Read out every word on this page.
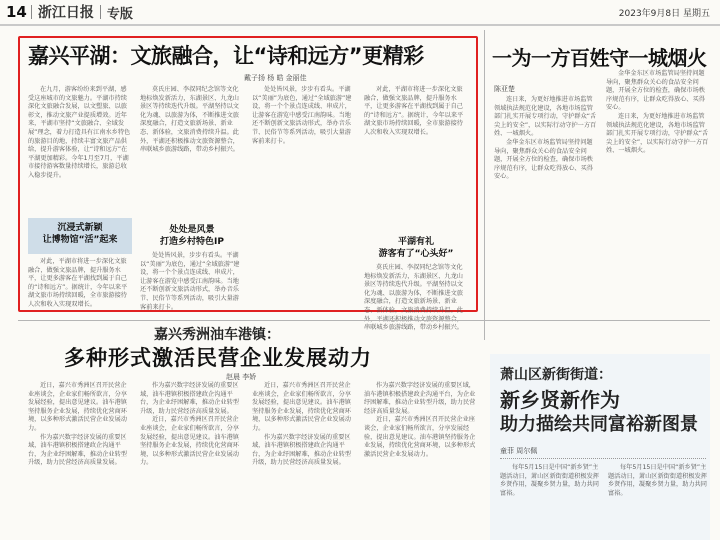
14 浙江日报 专版	2023年9月8日 星期五
嘉兴平湖：文旅融合，让“诗和远方”更精彩
戴子扬 杨 皓 金丽佳

在九月，游客纷纷来到平湖，感受这座城市的文旅魅力。平湖市持续深化文旅融合发展，以文塑旅、以旅彰文，推动文旅产业提质增效。近年来，平湖市坚持“文旅融合、全域发展”理念，着力打造具有江南水乡特色的旅游目的地，持续丰富文旅产品供给，提升游客体验，让“诗和远方”在平湖更加精彩。今年1月至7月，平湖市接待游客数量持续增长，旅游总收入稳步提升。

沉浸式新颖
让博物馆“活”起来

对此，平湖市将进一步深化文旅融合，做强文旅品牌，提升服务水平，让更多游客在平湖找到属于自己的“诗和远方”。据统计，今年以来平湖文旅市场持续回暖，全市旅游接待人次和收入实现双增长。

莫氏庄园、李叔同纪念馆等文化地标焕发新活力，东湖景区、九龙山景区等持续迭代升级。平湖坚持以文化为魂、以旅游为体，不断推进文旅深度融合，打造文旅新场景、新业态、新体验，文旅消费持续升温。此外，平湖还积极推动文旅资源整合，串联城乡旅游线路，带动乡村振兴。

处处是风景
打造乡村特色IP

处处皆风景，步步有看头。平湖以“美丽”为底色，通过“全域旅游”建设，将一个个景点连成线、串成片，让游客在游览中感受江南韵味。当地还不断创新文旅活动形式，举办音乐节、民俗节等系列活动，吸引大量游客前来打卡。

处处皆风景，步步有看头。平湖以“美丽”为底色，通过“全域旅游”建设，将一个个景点连成线、串成片，让游客在游览中感受江南韵味。当地还不断创新文旅活动形式，举办音乐节、民俗节等系列活动，吸引大量游客前来打卡。

对此，平湖市将进一步深化文旅融合，做强文旅品牌，提升服务水平，让更多游客在平湖找到属于自己的“诗和远方”。据统计，今年以来平湖文旅市场持续回暖，全市旅游接待人次和收入实现双增长。

平湖有礼
游客有了“心头好”

莫氏庄园、李叔同纪念馆等文化地标焕发新活力，东湖景区、九龙山景区等持续迭代升级。平湖坚持以文化为魂、以旅游为体，不断推进文旅深度融合，打造文旅新场景、新业态、新体验，文旅消费持续升温。此 串联城乡旅游线路，带动乡村振兴。

一为一方百姓守一城烟火
陈亚楚

连日来，为更好地推进市场监管领域执法规范化建设，各地市场监管部门扎实开展专项行动，守护群众“舌尖上的安全”，以实际行动守护一方百姓、一城烟火。

金华金东区市场监管局坚持问题导向，聚焦群众关心的食品安全问题，开展全方位的检查，确保市场秩序规范有序，让群众吃得放心、买得安心。

金华金东区市场监管局坚持问题导向，聚焦群众关心的食品安全问题，开展全方位的检查，确保市场秩序规范有序，让群众吃得放心、买得安心。

连日来，为更好地推进市场监管领域执法规范化建设，各地市场监管部门扎实开展专项行动，守护群众“舌尖上的安全”，以实际行动守护一方百姓、一城烟火。

嘉兴秀洲油车港镇：
多种形式激活民营企业发展动力
赵晨 李娇

近日，嘉兴市秀洲区召开民营企业座谈会，企业家们畅所欲言，分享发展经验，提出意见建议。油车港镇坚持服务企业发展，持续优化营商环境，以多种形式激活民营企业发展动力。

作为嘉兴数字经济发展的重要区域，油车港镇积极搭建政企沟通平台，为企业纾困解难，推动企业转型升级，助力民营经济高质量发展。

作为嘉兴数字经济发展的重要区域，油车港镇积极搭建政企沟通平台，为企业纾困解难，推动企业转型升级，助力民营经济高质量发展。

近日，嘉兴市秀洲区召开民营企业座谈会，企业家们畅所欲言，分享发展经验，提出意见建议。油车港镇坚持服务企业发展，持续优化营商环境，以多种形式激活民营企业发展动力。

近日，嘉兴市秀洲区召开民营企业座谈会，企业家们畅所欲言，分享发展经验，提出意见建议。油车港镇坚持服务企业发展，持续优化营商环境，以多种形式激活民营企业发展动力。

作为嘉兴数字经济发展的重要区域，油车港镇积极搭建政企沟通平台，为企业纾困解难，推动企业转型升级，助力民营经济高质量发展。

作为嘉兴数字经济发展的重要区域，油车港镇积极搭建政企沟通平台，为企业纾困解难，推动企业转型升级，助力民营经济高质量发展。

近日，嘉兴市秀洲区召开民营企业座谈会，企业家们畅所欲言，分享发展经验，提出意见建议。油车港镇坚持服务企业发展，持续优化营商环境，以多种形式激活民营企业发展动力。

萧山区新街街道：
新乡贤新作为
助力描绘共同富裕新图景
童菲 周尔佩

每年5月15日是中国“新乡贤”主题活动日，萧山区新街街道积极发挥乡贤作用，凝聚乡贤力量，助力共同富裕。

每年5月15日是中国“新乡贤”主题活动日，萧山区新街街道积极发挥乡贤作用，凝聚乡贤力量，助力共同富裕。
